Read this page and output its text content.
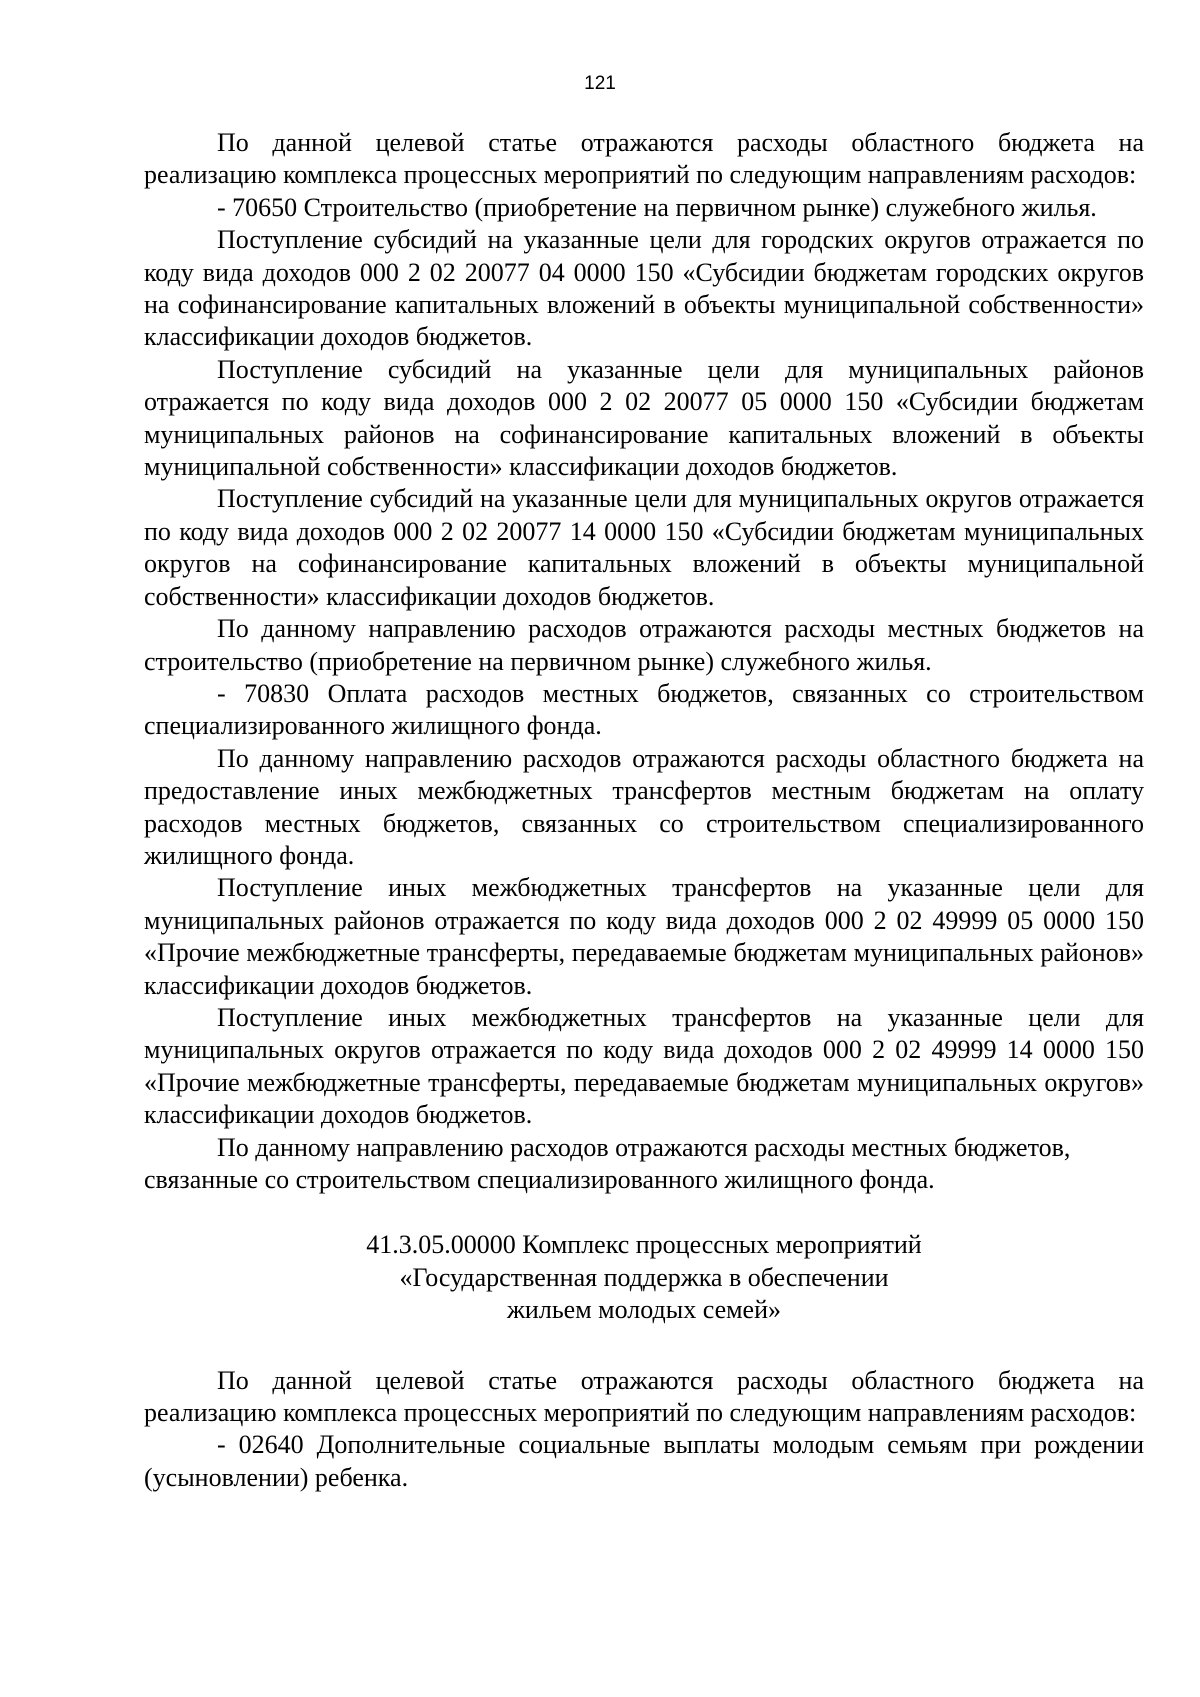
121

По данной целевой статье отражаются расходы областного бюджета на реализацию комплекса процессных мероприятий по следующим направлениям расходов:

- 70650 Строительство (приобретение на первичном рынке) служебного жилья.

Поступление субсидий на указанные цели для городских округов отражается по коду вида доходов 000 2 02 20077 04 0000 150 «Субсидии бюджетам городских округов на софинансирование капитальных вложений в объекты муниципальной собственности» классификации доходов бюджетов.

Поступление субсидий на указанные цели для муниципальных районов отражается по коду вида доходов 000 2 02 20077 05 0000 150 «Субсидии бюджетам муниципальных районов на софинансирование капитальных вложений в объекты муниципальной собственности» классификации доходов бюджетов.

Поступление субсидий на указанные цели для муниципальных округов отражается по коду вида доходов 000 2 02 20077 14 0000 150 «Субсидии бюджетам муниципальных округов на софинансирование капитальных вложений в объекты муниципальной собственности» классификации доходов бюджетов.

По данному направлению расходов отражаются расходы местных бюджетов на строительство (приобретение на первичном рынке) служебного жилья.

- 70830 Оплата расходов местных бюджетов, связанных со строительством специализированного жилищного фонда.

По данному направлению расходов отражаются расходы областного бюджета на предоставление иных межбюджетных трансфертов местным бюджетам на оплату расходов местных бюджетов, связанных со строительством специализированного жилищного фонда.

Поступление иных межбюджетных трансфертов на указанные цели для муниципальных районов отражается по коду вида доходов 000 2 02 49999 05 0000 150 «Прочие межбюджетные трансферты, передаваемые бюджетам муниципальных районов» классификации доходов бюджетов.

Поступление иных межбюджетных трансфертов на указанные цели для муниципальных округов отражается по коду вида доходов 000 2 02 49999 14 0000 150 «Прочие межбюджетные трансферты, передаваемые бюджетам муниципальных округов» классификации доходов бюджетов.

По данному направлению расходов отражаются расходы местных бюджетов, связанные со строительством специализированного жилищного фонда.

41.3.05.00000 Комплекс процессных мероприятий
«Государственная поддержка в обеспечении
жильем молодых семей»

По данной целевой статье отражаются расходы областного бюджета на реализацию комплекса процессных мероприятий по следующим направлениям расходов:

- 02640 Дополнительные социальные выплаты молодым семьям при рождении (усыновлении) ребенка.
